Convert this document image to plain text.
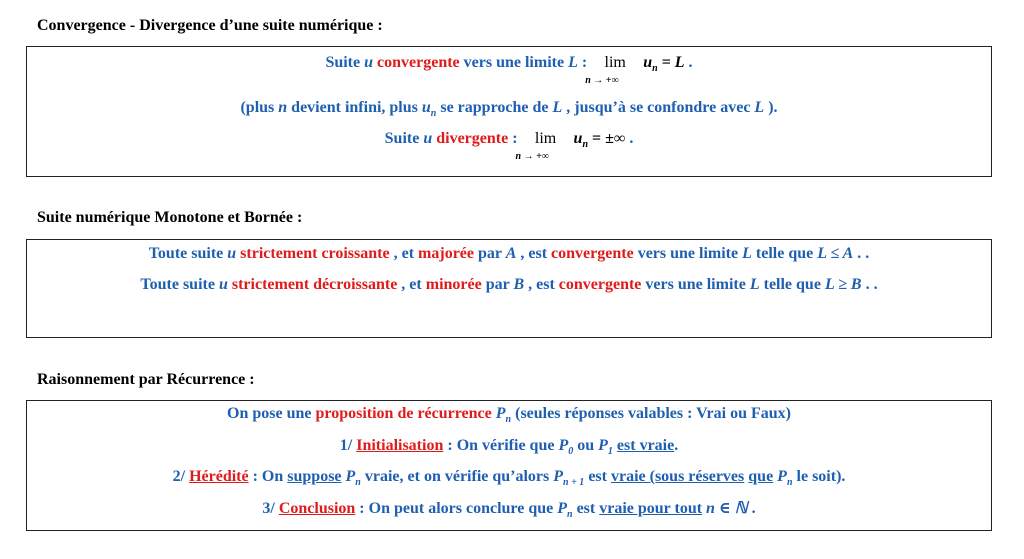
Convergence - Divergence d’une suite numérique :
Suite u convergente vers une limite L : lim
n → +∞
$u_n = L$ .
(plus n devient infini, plus $u_n$ se rapproche de L , jusqu’à se confondre avec L ).
Suite u divergente : lim
n → +∞
$u_n$ = ±∞ .
Suite numérique Monotone et Bornée :
Toute suite u strictement croissante , et majorée par A , est convergente vers une limite L telle que L ≤ A . .
Toute suite u strictement décroissante , et minorée par B , est convergente vers une limite L telle que L ≥ B . .
Raisonnement par Récurrence :
On pose une proposition de récurrence $P_n$ (seules réponses valables : Vrai ou Faux)
1/ Initialisation : On vérifie que $P_0$ ou $P_1$ est vraie.
2/ Hérédité : On suppose $P_n$ vraie, et on vérifie qu’alors $P_{n + 1}$ est vraie (sous réserves que $P_n$ le soit).
3/ Conclusion : On peut alors conclure que $P_n$ est vraie pour tout n ∈ ℕ .
